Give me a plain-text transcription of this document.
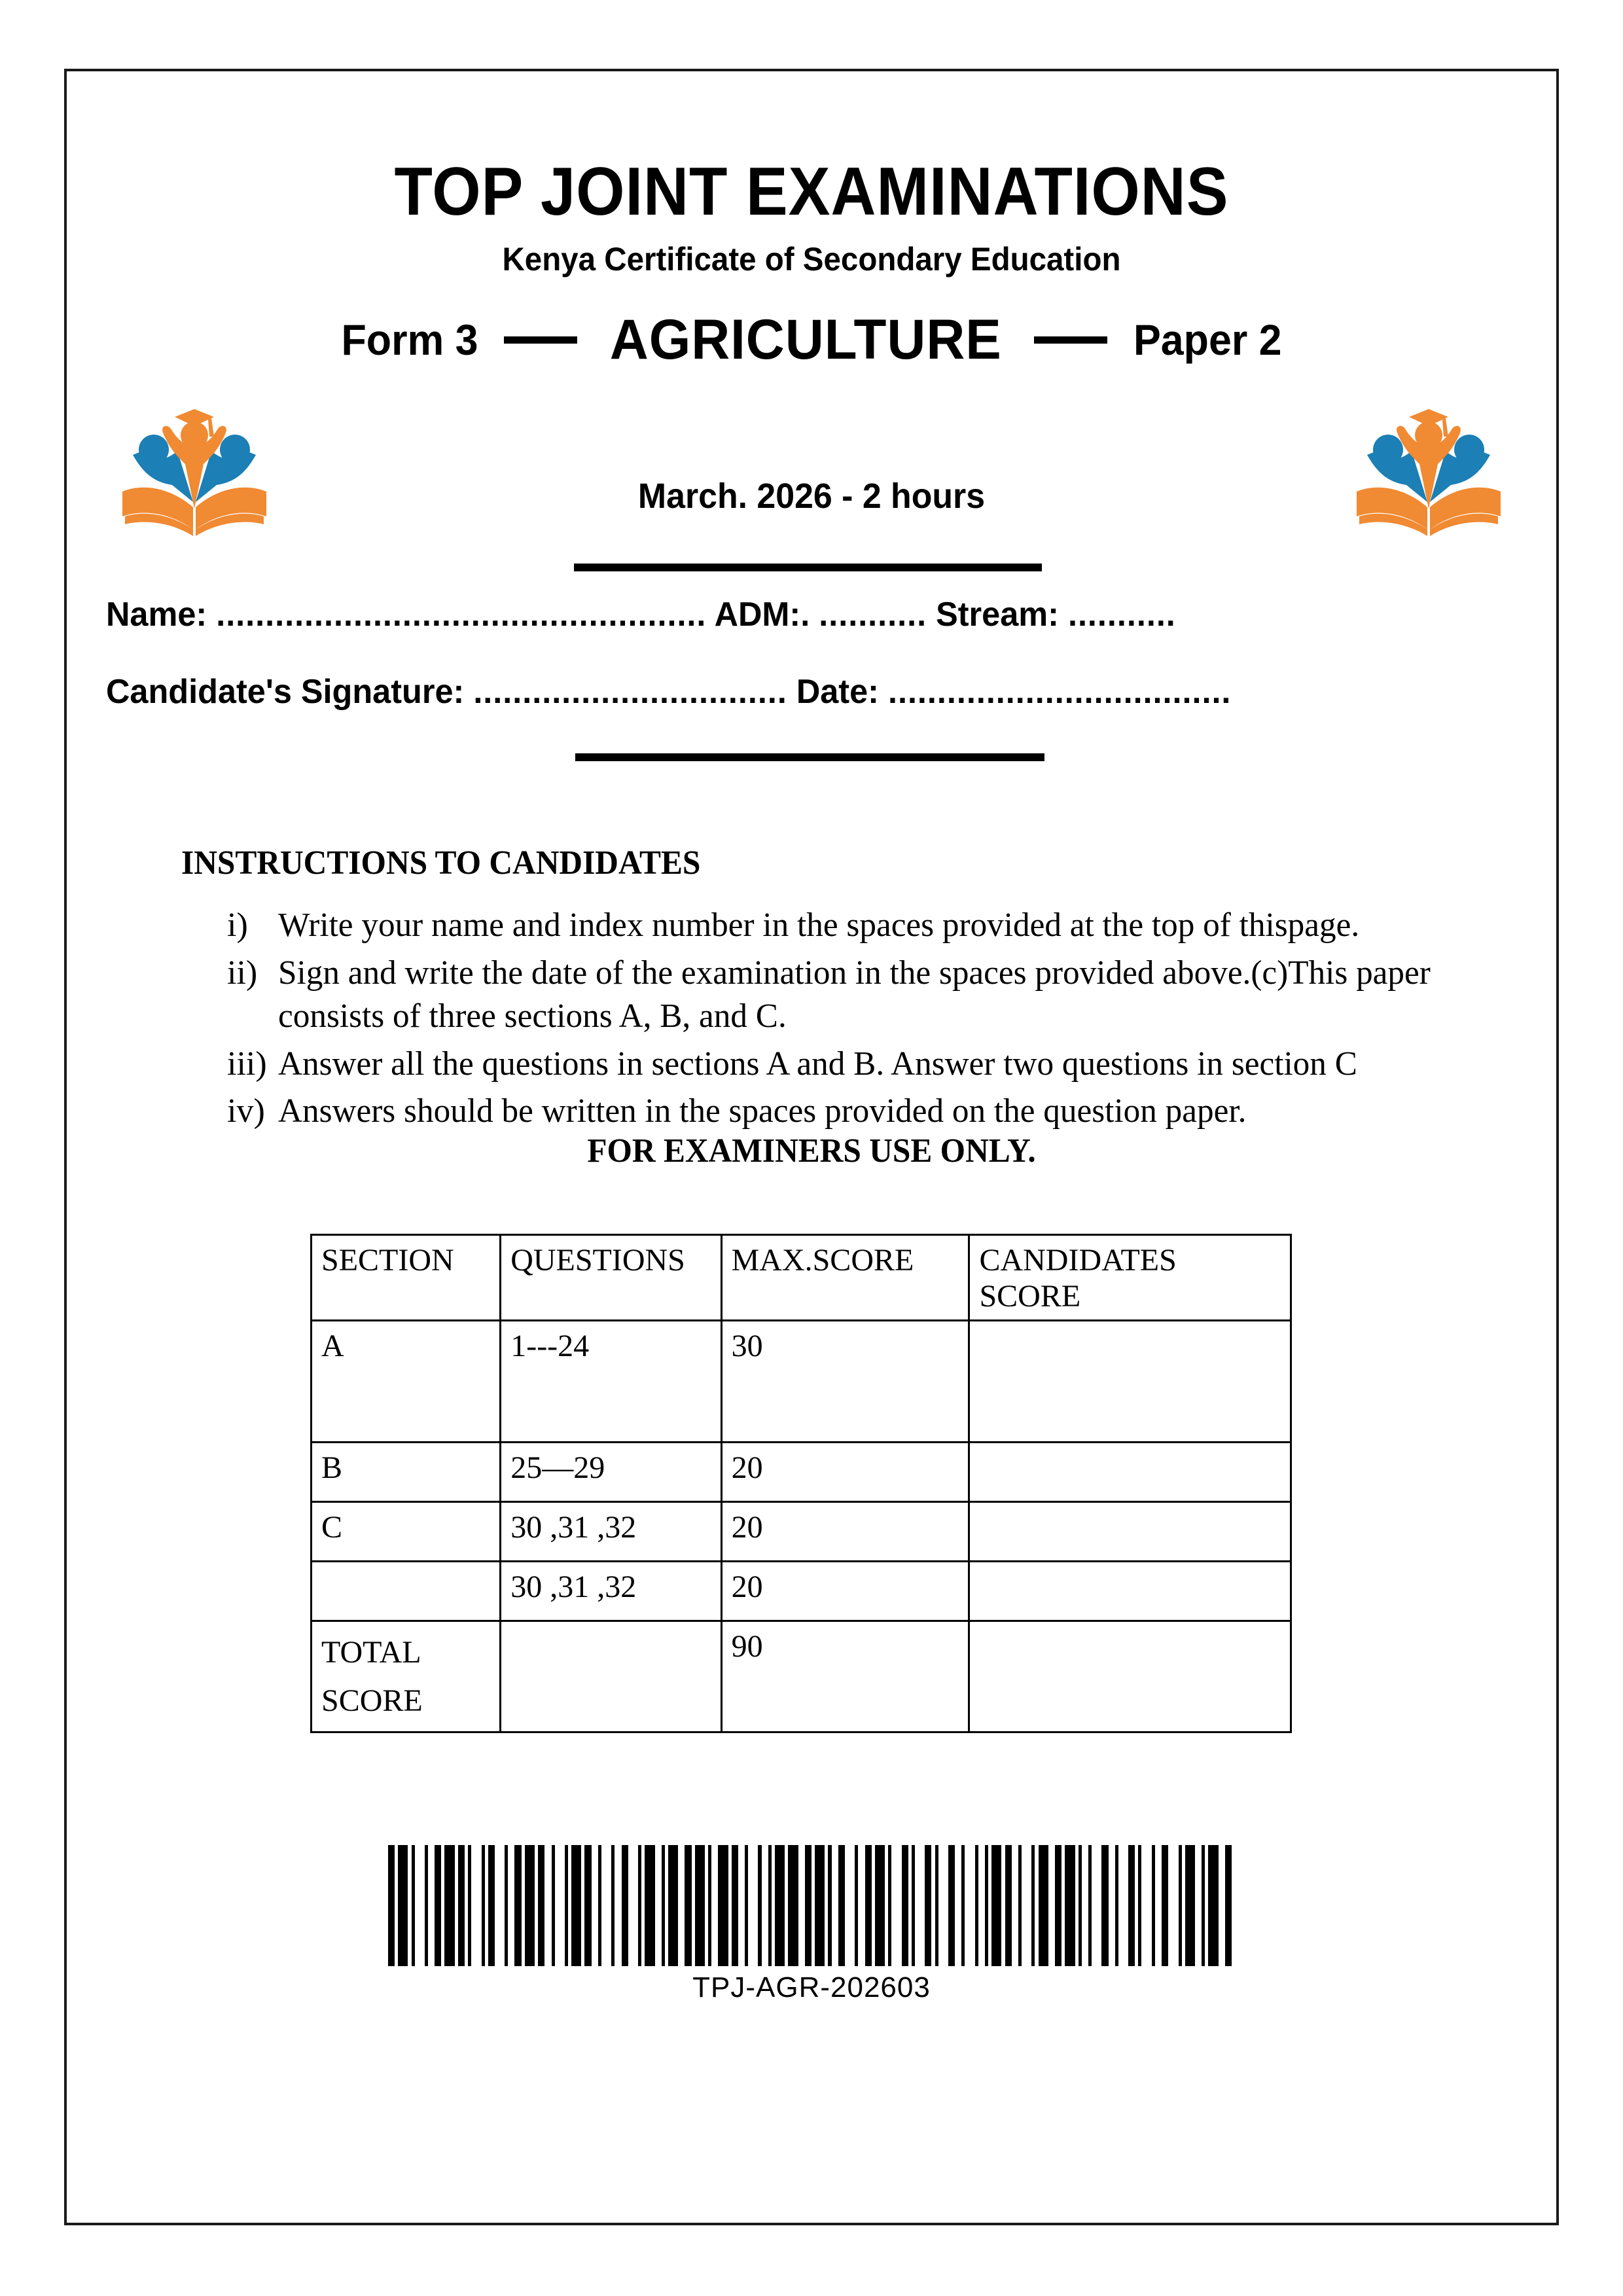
TOP JOINT EXAMINATIONS
Kenya Certificate of Secondary Education
Form 3 AGRICULTURE	Paper 2
March. 2026 - 2 hours
Name: .................................................. ADM:. ........... Stream: ...........
Candidate's Signature: ................................ Date: ...................................
INSTRUCTIONS TO CANDIDATES
i) Write your name and index number in the spaces provided at the top of thispage.
ii) Sign and write the date of the examination in the spaces provided above.(c)This paper consists of three sections A, B, and C.
iii) Answer all the questions in sections A and B. Answer two questions in section C
iv) Answers should be written in the spaces provided on the question paper.
FOR EXAMINERS USE ONLY.
SECTION	QUESTIONS	MAX.SCORE	CANDIDATES SCORE
A	1---24	30	
B	25—29	20	
C	30 ,31 ,32	20	
	30 ,31 ,32	20	
TOTAL SCORE		90	
TPJ-AGR-202603
